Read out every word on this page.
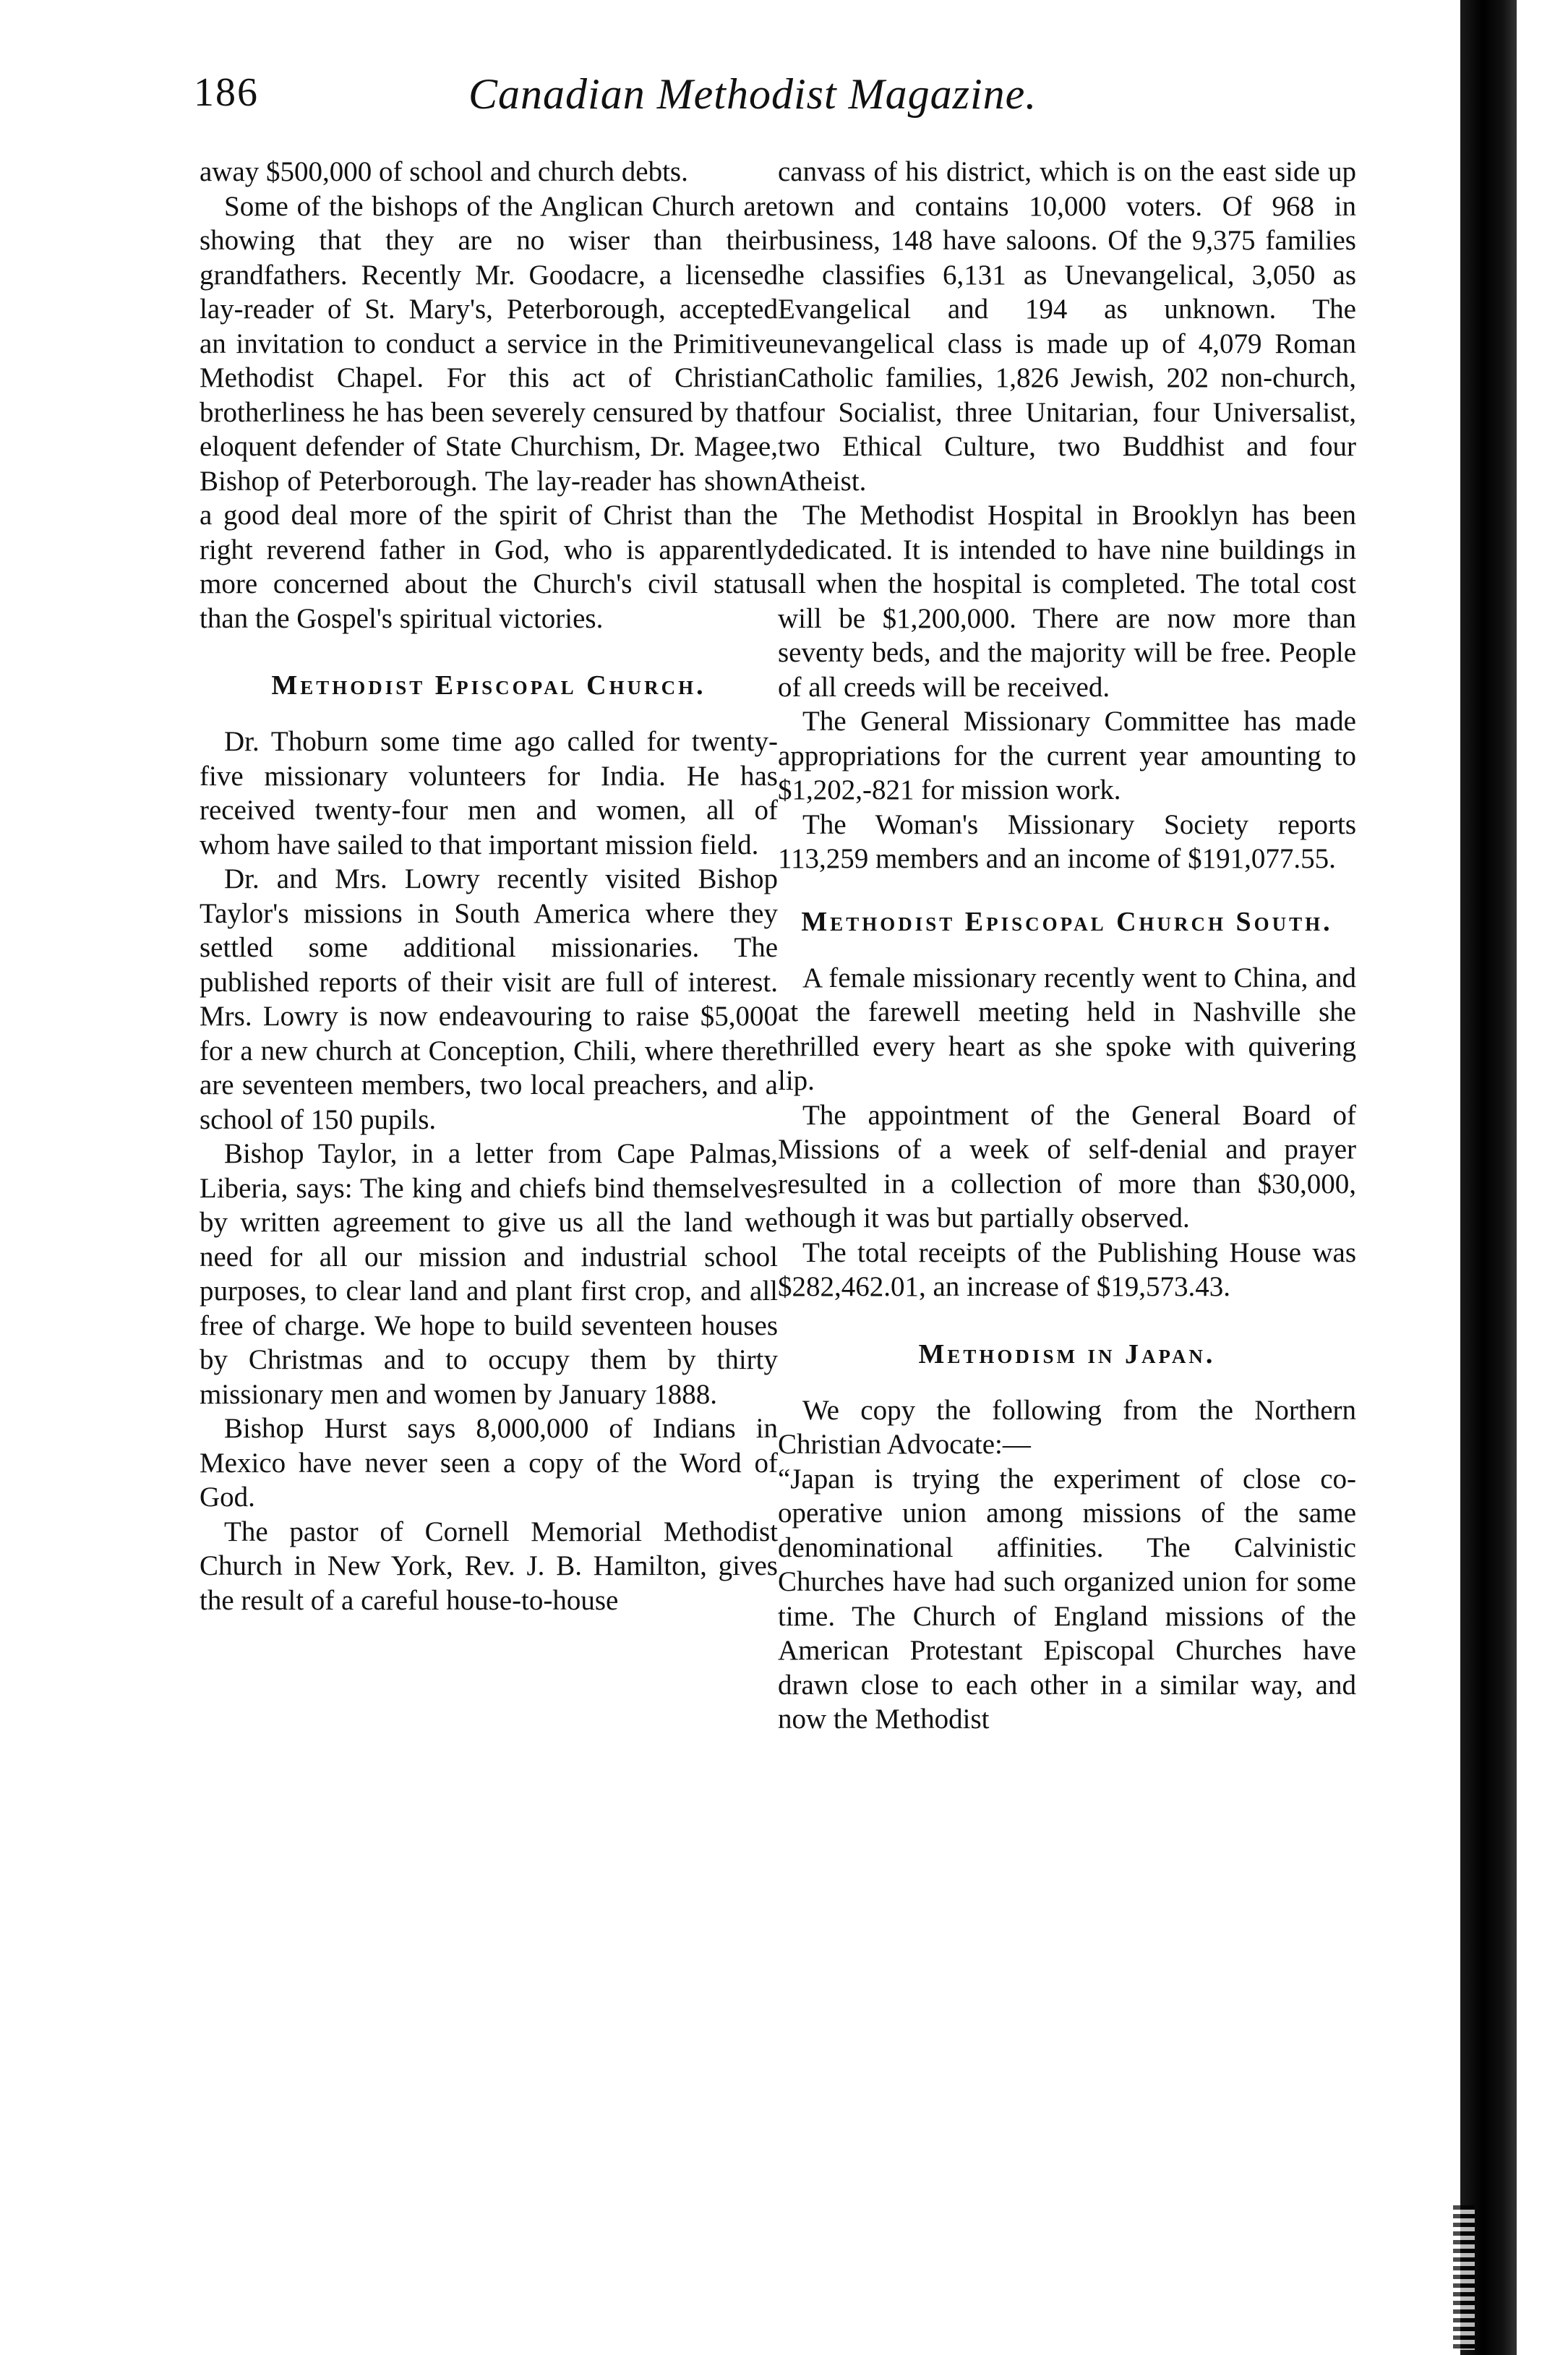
186	Canadian Methodist Magazine.

away $500,000 of school and church debts.

Some of the bishops of the Anglican Church are showing that they are no wiser than their grandfathers. Recently Mr. Goodacre, a licensed lay-reader of St. Mary's, Peterborough, accepted an invitation to conduct a service in the Primitive Methodist Chapel. For this act of Christian brotherliness he has been severely censured by that eloquent defender of State Churchism, Dr. Magee, Bishop of Peterborough. The lay-reader has shown a good deal more of the spirit of Christ than the right reverend father in God, who is apparently more concerned about the Church's civil status than the Gospel's spiritual victories.

Methodist Episcopal Church.

Dr. Thoburn some time ago called for twenty-five missionary volunteers for India. He has received twenty-four men and women, all of whom have sailed to that important mission field.

Dr. and Mrs. Lowry recently visited Bishop Taylor's missions in South America where they settled some additional missionaries. The published reports of their visit are full of interest. Mrs. Lowry is now endeavouring to raise $5,000 for a new church at Conception, Chili, where there are seventeen members, two local preachers, and a school of 150 pupils.

Bishop Taylor, in a letter from Cape Palmas, Liberia, says: The king and chiefs bind themselves by written agreement to give us all the land we need for all our mission and industrial school purposes, to clear land and plant first crop, and all free of charge. We hope to build seventeen houses by Christmas and to occupy them by thirty missionary men and women by January 1888.

Bishop Hurst says 8,000,000 of Indians in Mexico have never seen a copy of the Word of God.

The pastor of Cornell Memorial Methodist Church in New York, Rev. J. B. Hamilton, gives the result of a careful house-to-house

canvass of his district, which is on the east side up town and contains 10,000 voters. Of 968 in business, 148 have saloons. Of the 9,375 families he classifies 6,131 as Unevangelical, 3,050 as Evangelical and 194 as unknown. The unevangelical class is made up of 4,079 Roman Catholic families, 1,826 Jewish, 202 non-church, four Socialist, three Unitarian, four Universalist, two Ethical Culture, two Buddhist and four Atheist.

The Methodist Hospital in Brooklyn has been dedicated. It is intended to have nine buildings in all when the hospital is completed. The total cost will be $1,200,000. There are now more than seventy beds, and the majority will be free. People of all creeds will be received.

The General Missionary Committee has made appropriations for the current year amounting to $1,202,-821 for mission work.

The Woman's Missionary Society reports 113,259 members and an income of $191,077.55.

Methodist Episcopal Church South.

A female missionary recently went to China, and at the farewell meeting held in Nashville she thrilled every heart as she spoke with quivering lip.

The appointment of the General Board of Missions of a week of self-denial and prayer resulted in a collection of more than $30,000, though it was but partially observed.

The total receipts of the Publishing House was $282,462.01, an increase of $19,573.43.

Methodism in Japan.

We copy the following from the Northern Christian Advocate:—

“Japan is trying the experiment of close co-operative union among missions of the same denominational affinities. The Calvinistic Churches have had such organized union for some time. The Church of England missions of the American Protestant Episcopal Churches have drawn close to each other in a similar way, and now the Methodist
